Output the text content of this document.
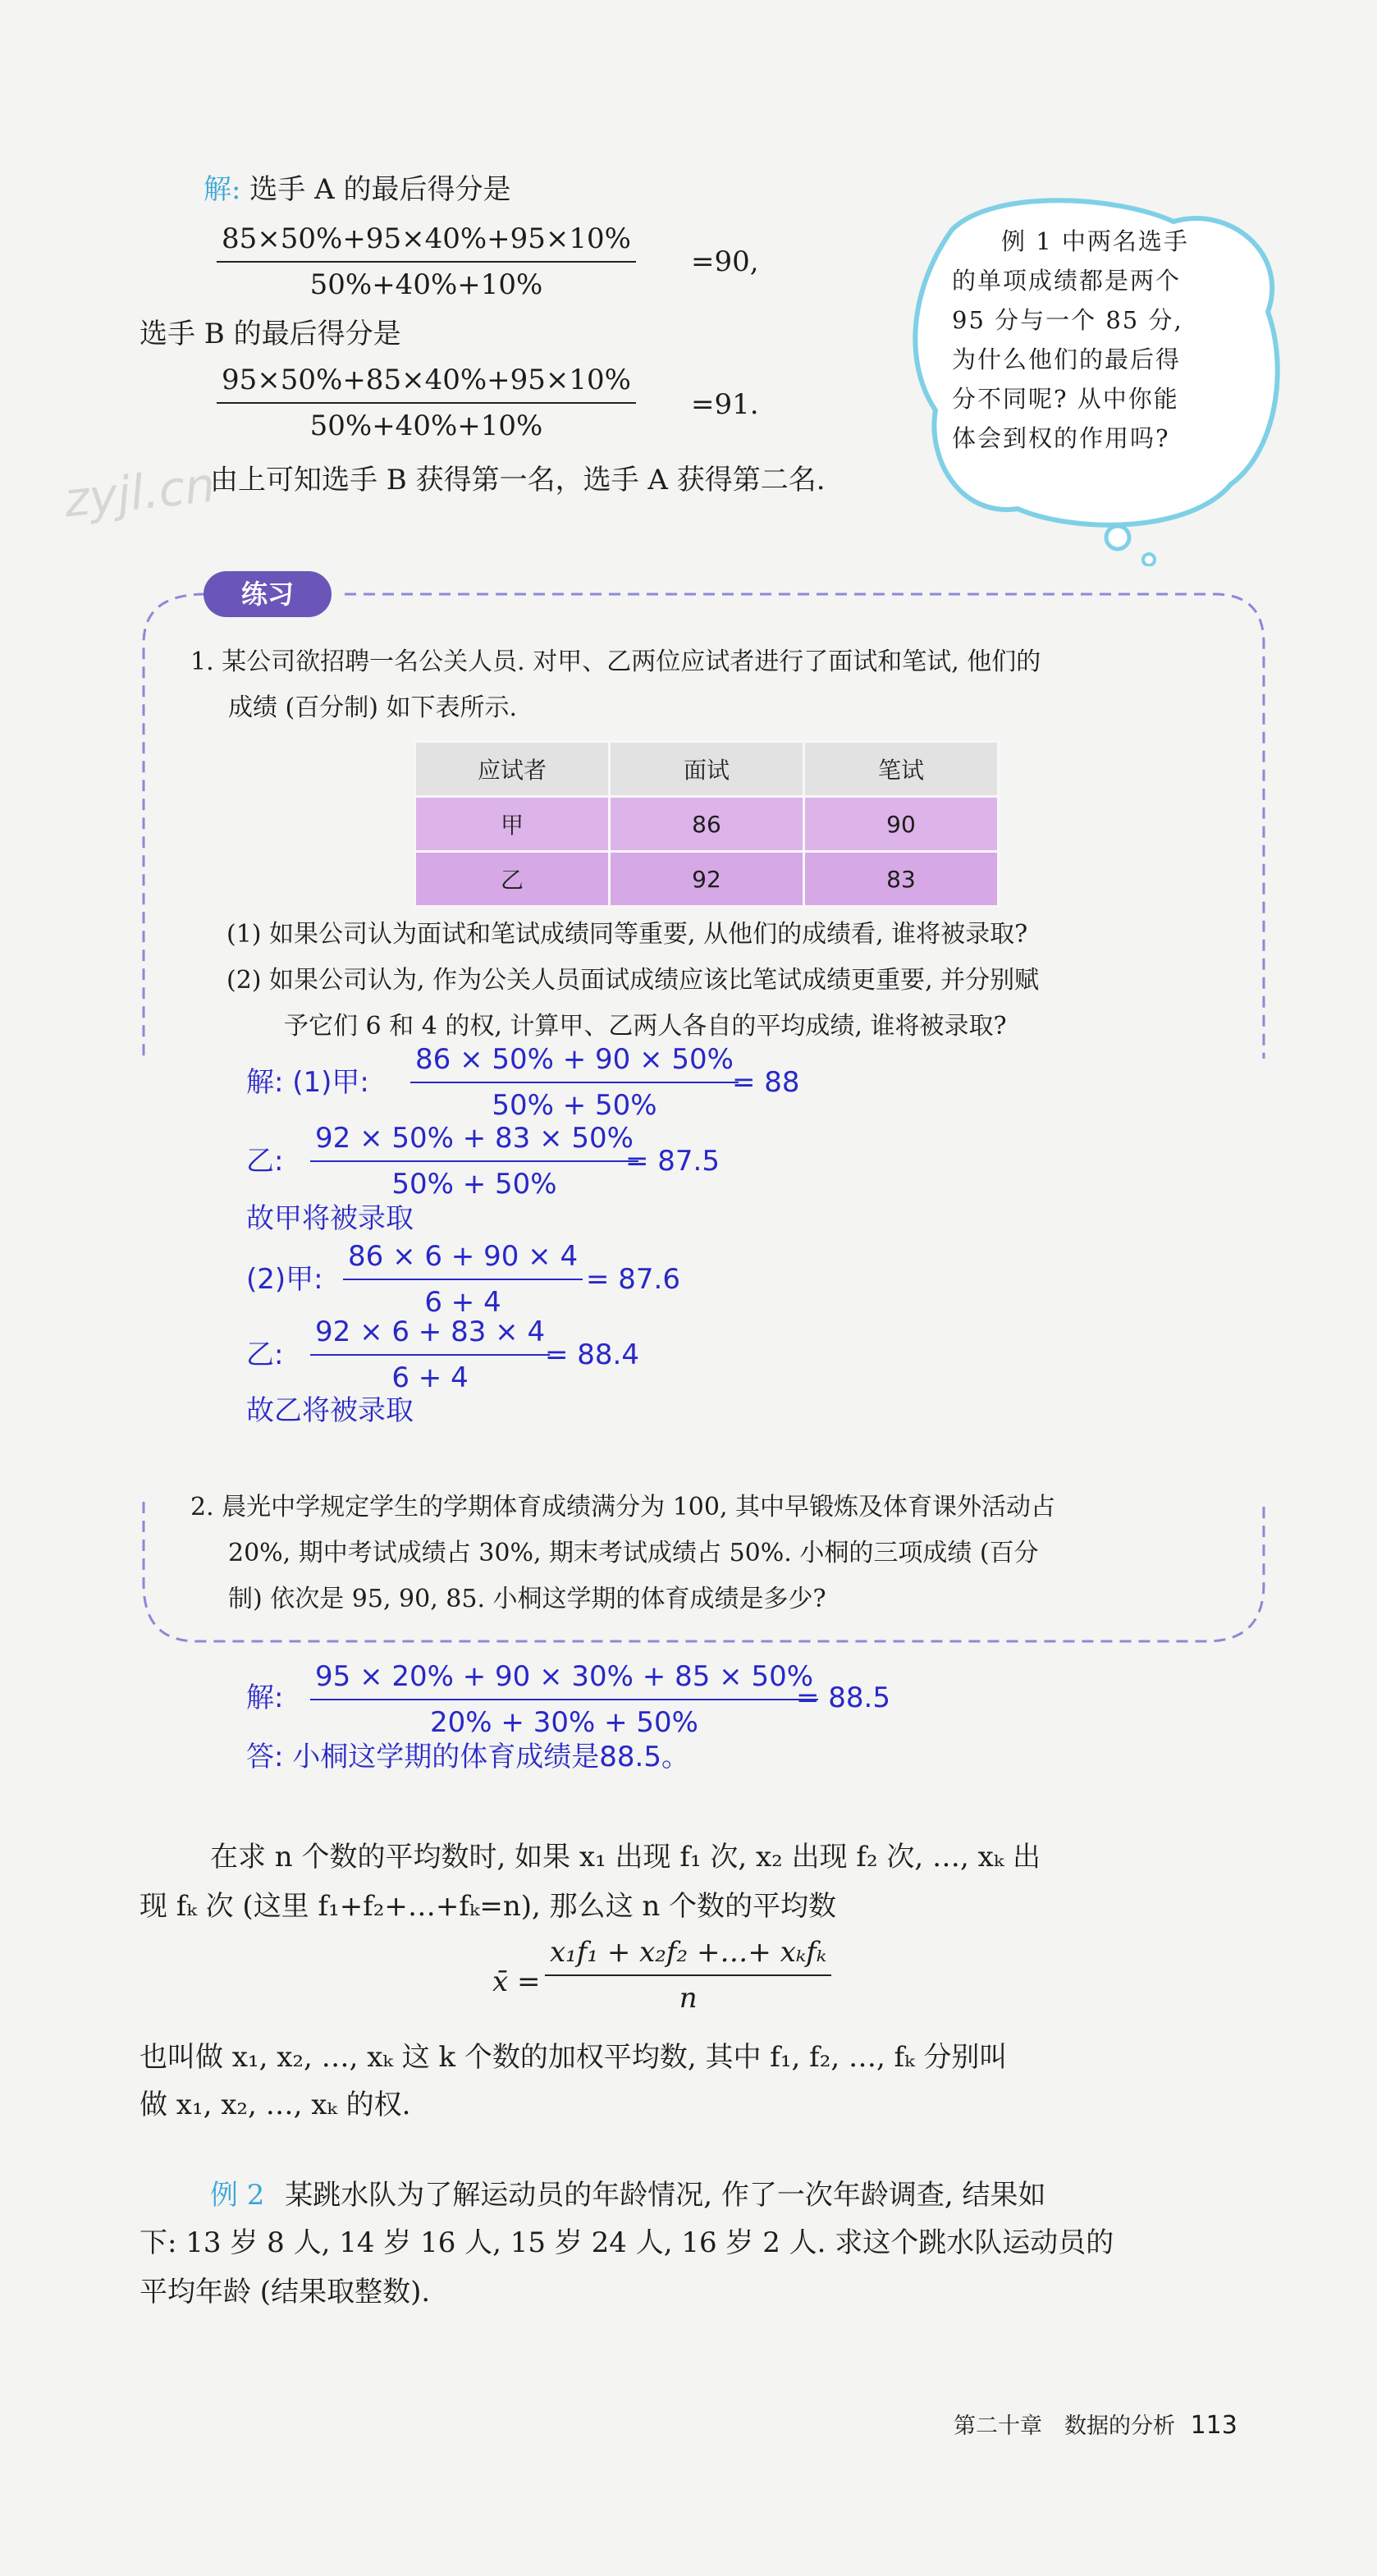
解: 选手 A 的最后得分是
$\frac{85\times 50\%+95\times 40\%+95\times 10\%}{50\%+40\%+10\%} =90$,
选手 B 的最后得分是
$\frac{95\times 50\%+85\times 40\%+95\times 10\%}{50\%+40\%+10\%} =91$.
由上可知选手 B 获得第一名，选手 A 获得第二名.
zyjl.cn
例 1 中两名选手
的单项成绩都是两个
95 分与一个 85 分,
为什么他们的最后得
分不同呢? 从中你能
体会到权的作用吗?
练习
1. 某公司欲招聘一名公关人员. 对甲、乙两位应试者进行了面试和笔试, 他们的
成绩 (百分制) 如下表所示.
应试者	面试	笔试
甲	86	90
乙	92	83
(1) 如果公司认为面试和笔试成绩同等重要, 从他们的成绩看, 谁将被录取?
(2) 如果公司认为, 作为公关人员面试成绩应该比笔试成绩更重要, 并分别赋
予它们 6 和 4 的权, 计算甲、乙两人各自的平均成绩, 谁将被录取?
解: (1)甲: $\frac{86 \times 50\% + 90 \times 50\%}{50\% + 50\%}$
= 88
乙: $\frac{92 \times 50\% + 83 \times 50\%}{50\% + 50\%}$
= 87.5
故甲将被录取
(2)甲: $\frac{86 \times 6 + 90 \times 4}{6 + 4} = 87.6$
乙: $\frac{92 \times 6 + 83 \times 4}{6 + 4}$
= 88.4
故乙将被录取
2. 晨光中学规定学生的学期体育成绩满分为 100, 其中早锻炼及体育课外活动占
20%, 期中考试成绩占 30%, 期末考试成绩占 50%. 小桐的三项成绩 (百分
制) 依次是 95, 90, 85. 小桐这学期的体育成绩是多少?
解: $\frac{95 \times 20\% + 90 \times 30\% + 85 \times 50\%}{20\% + 30\% + 50\%}$
= 88.5
答: 小桐这学期的体育成绩是88.5。
在求 n 个数的平均数时, 如果 x₁ 出现 f₁ 次, x₂ 出现 f₂ 次, …, xₖ 出
现 fₖ 次 (这里 f₁+f₂+…+fₖ=n), 那么这 n 个数的平均数
x̄ =
x₁f₁ + x₂f₂ +…+ xₖfₖ
n
也叫做 x₁, x₂, …, xₖ 这 k 个数的加权平均数, 其中 f₁, f₂, …, fₖ 分别叫
做 x₁, x₂, …, xₖ 的权.
例 2 某跳水队为了解运动员的年龄情况, 作了一次年龄调查, 结果如
下: 13 岁 8 人, 14 岁 16 人, 15 岁 24 人, 16 岁 2 人. 求这个跳水队运动员的
平均年龄 (结果取整数).
第二十章　数据的分析 113
